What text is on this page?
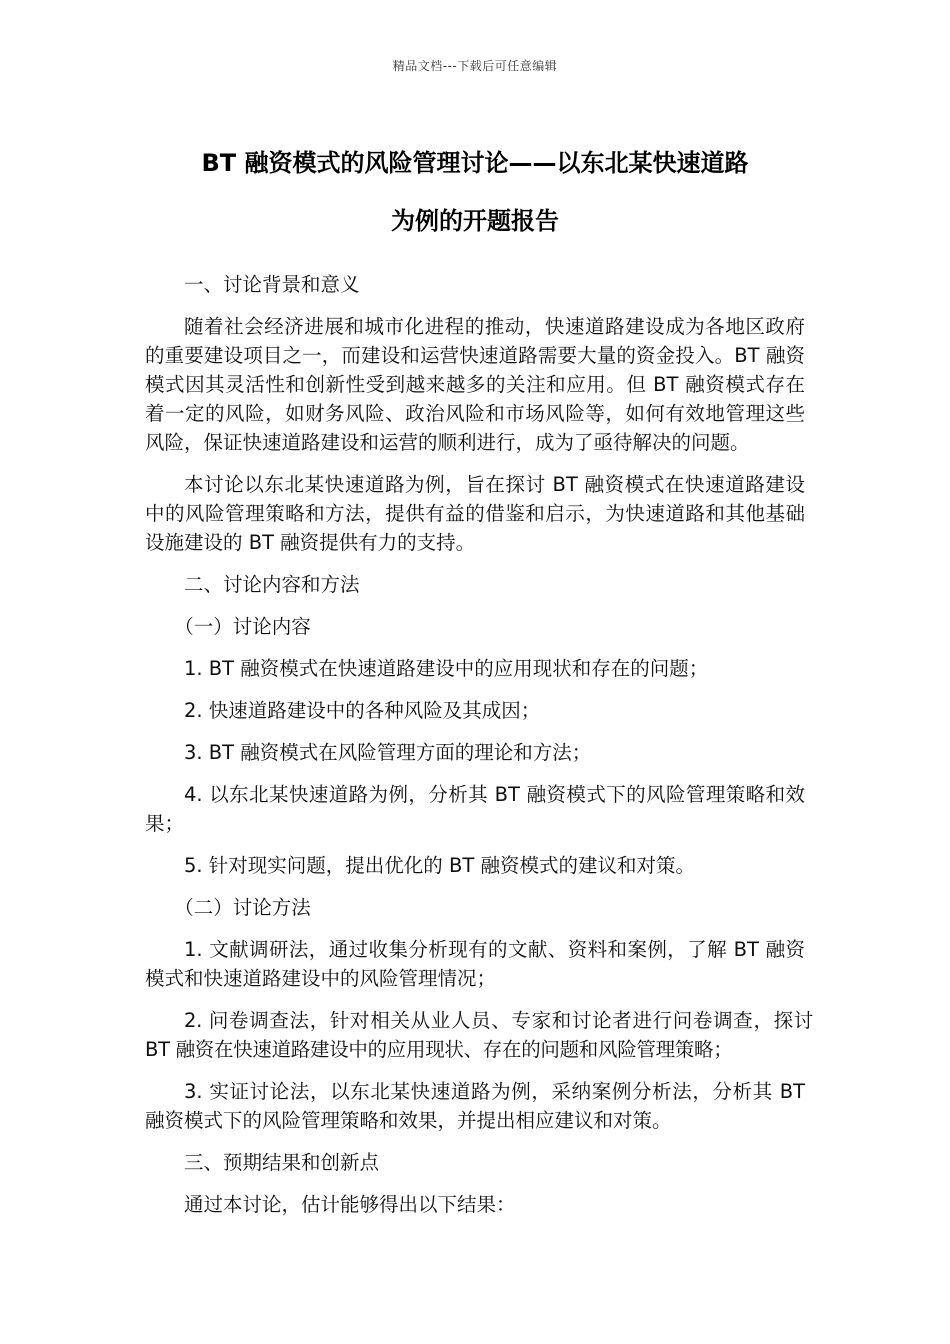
精品文档---下载后可任意编辑
BT 融资模式的风险管理讨论——以东北某快速道路
为例的开题报告

一、讨论背景和意义

随着社会经济进展和城市化进程的推动，快速道路建设成为各地区政府的重要建设项目之一，而建设和运营快速道路需要大量的资金投入。BT 融资模式因其灵活性和创新性受到越来越多的关注和应用。但 BT 融资模式存在着一定的风险，如财务风险、政治风险和市场风险等，如何有效地管理这些风险，保证快速道路建设和运营的顺利进行，成为了亟待解决的问题。

本讨论以东北某快速道路为例，旨在探讨 BT 融资模式在快速道路建设中的风险管理策略和方法，提供有益的借鉴和启示，为快速道路和其他基础设施建设的 BT 融资提供有力的支持。

二、讨论内容和方法

（一）讨论内容

1. BT 融资模式在快速道路建设中的应用现状和存在的问题；

2. 快速道路建设中的各种风险及其成因；

3. BT 融资模式在风险管理方面的理论和方法；

4. 以东北某快速道路为例，分析其 BT 融资模式下的风险管理策略和效果；

5. 针对现实问题，提出优化的 BT 融资模式的建议和对策。

（二）讨论方法

1. 文献调研法，通过收集分析现有的文献、资料和案例，了解 BT 融资模式和快速道路建设中的风险管理情况；

2. 问卷调查法，针对相关从业人员、专家和讨论者进行问卷调查，探讨 BT 融资在快速道路建设中的应用现状、存在的问题和风险管理策略；

3. 实证讨论法，以东北某快速道路为例，采纳案例分析法，分析其 BT 融资模式下的风险管理策略和效果，并提出相应建议和对策。

三、预期结果和创新点

通过本讨论，估计能够得出以下结果：
